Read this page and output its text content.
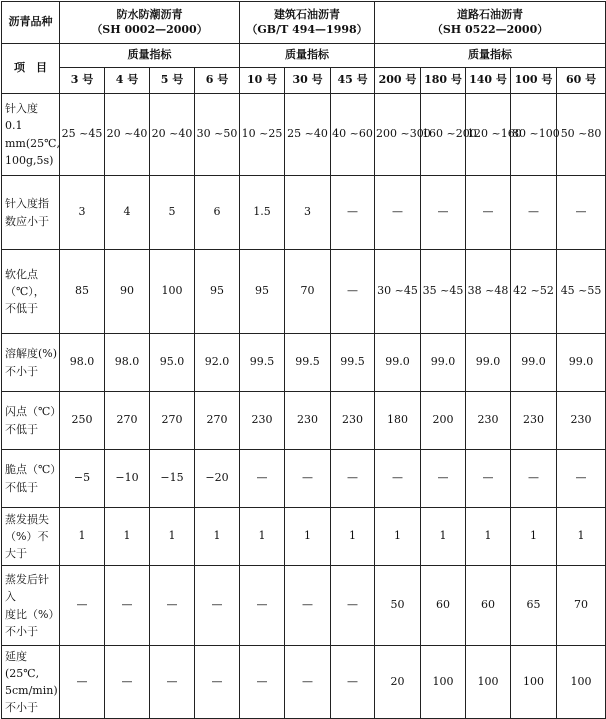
沥青品种	防水防潮沥青
（SH 0002—2000）				建筑石油沥青
（GB/T 494—1998）			道路石油沥青
（SH 0522—2000）				

项　目	质量指标				质量指标			质量指标				
	3 号	4 号	5 号	6 号	10 号	30 号	45 号	200 号	180 号	140 号	100 号	60 号

针入度 0.1
mm(25℃,
100g,5s)	25 ~45	20 ~40	20 ~40	30 ~50	10 ~25	25 ~40	40 ~60	200 ~300	160 ~200	120 ~160	80 ~100	50 ~80

针入度指
数应小于	3	4	5	6	1.5	3	—	—	—	—	—	—

软化点
（℃），
不低于	85	90	100	95	95	70	—	30 ~45	35 ~45	38 ~48	42 ~52	45 ~55

溶解度(%)
不小于	98.0	98.0	95.0	92.0	99.5	99.5	99.5	99.0	99.0	99.0	99.0	99.0

闪点（℃）
不低于	250	270	270	270	230	230	230	180	200	230	230	230

脆点（℃）
不低于	−5	−10	−15	−20	—	—	—	—	—	—	—	—

蒸发损失
（%）不大于	1	1	1	1	1	1	1	1	1	1	1	1

蒸发后针入
度比（%）
不小于	—	—	—	—	—	—	—	50	60	60	65	70

延度(25℃,
5cm/min)
不小于	—	—	—	—	—	—	—	20	100	100	100	100
